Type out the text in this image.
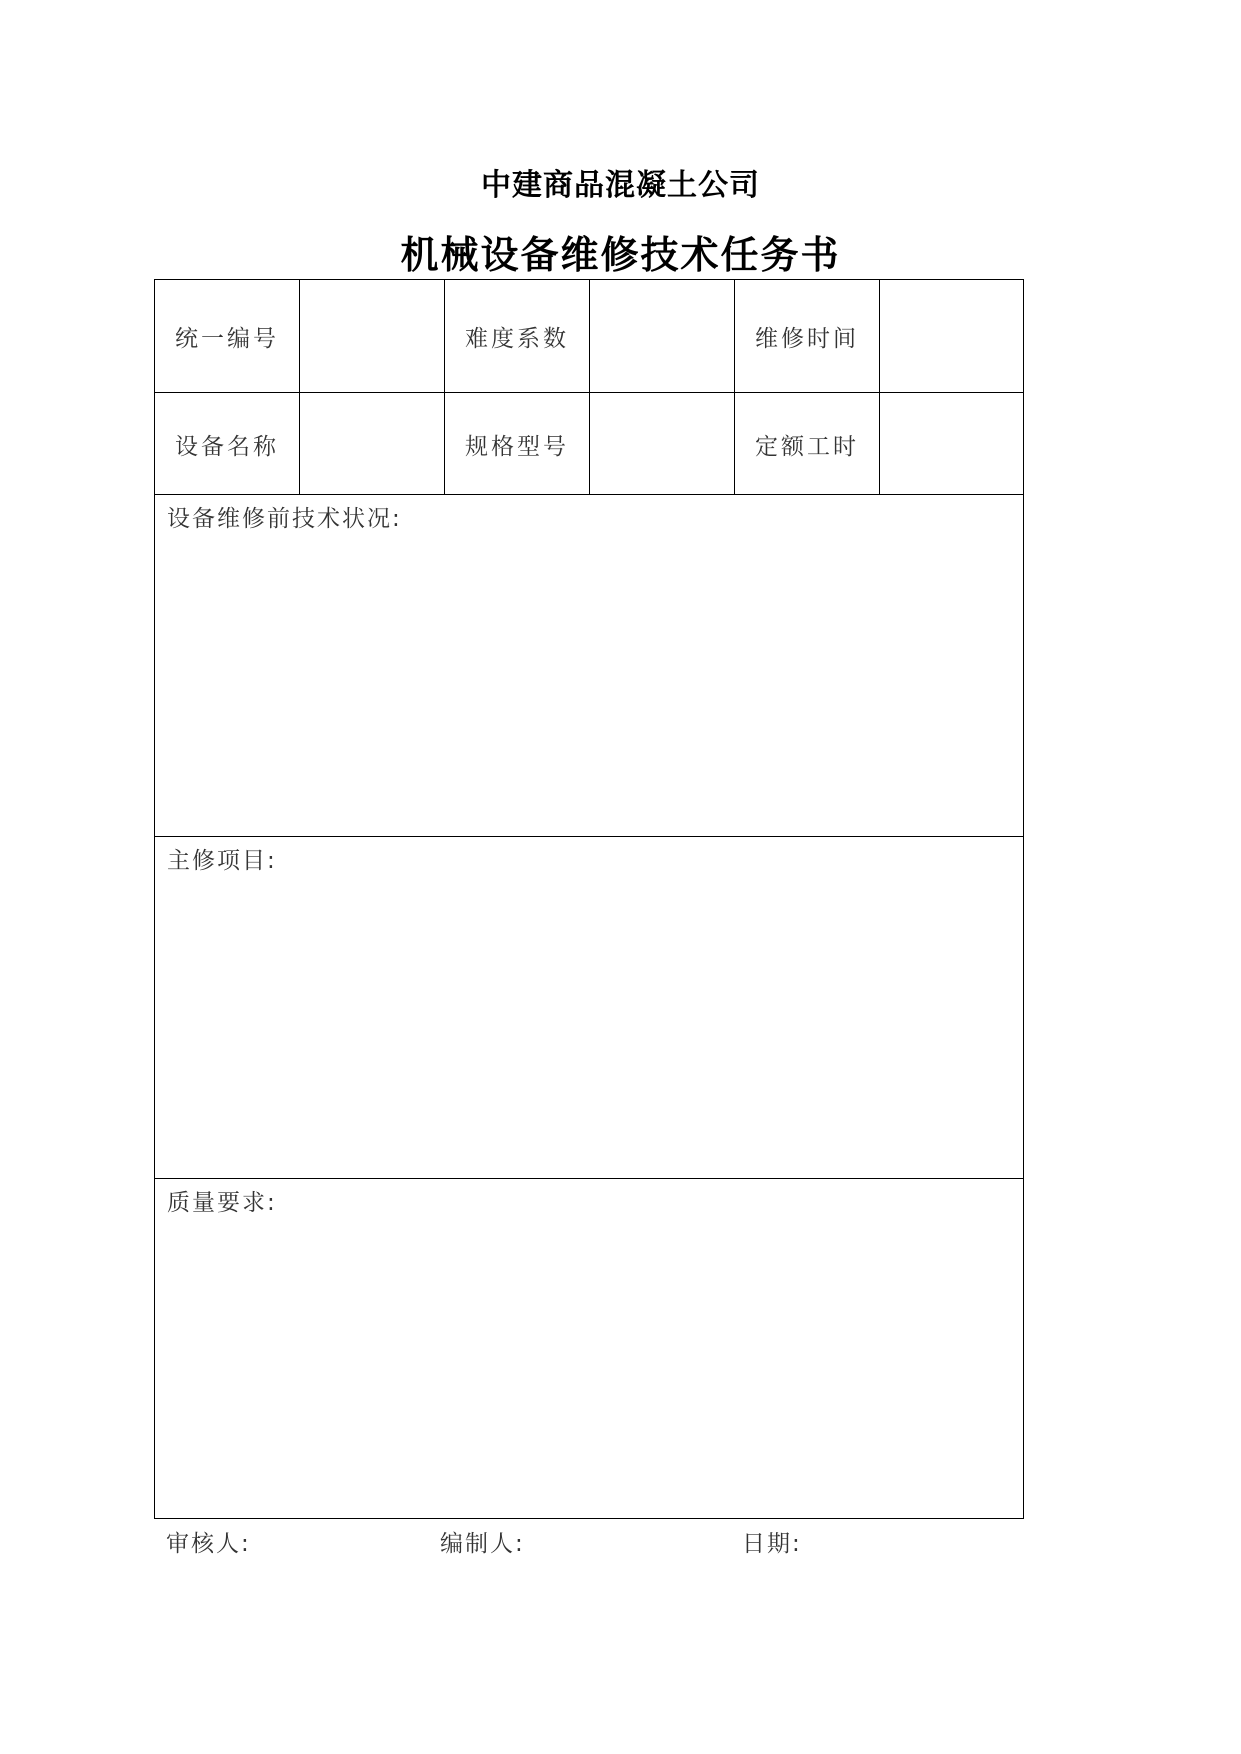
中建商品混凝土公司
机械设备维修技术任务书
统一编号	难度系数	维修时间
设备名称	规格型号	定额工时
设备维修前技术状况:
主修项目:
质量要求:
审核人:	编制人:	日期:
